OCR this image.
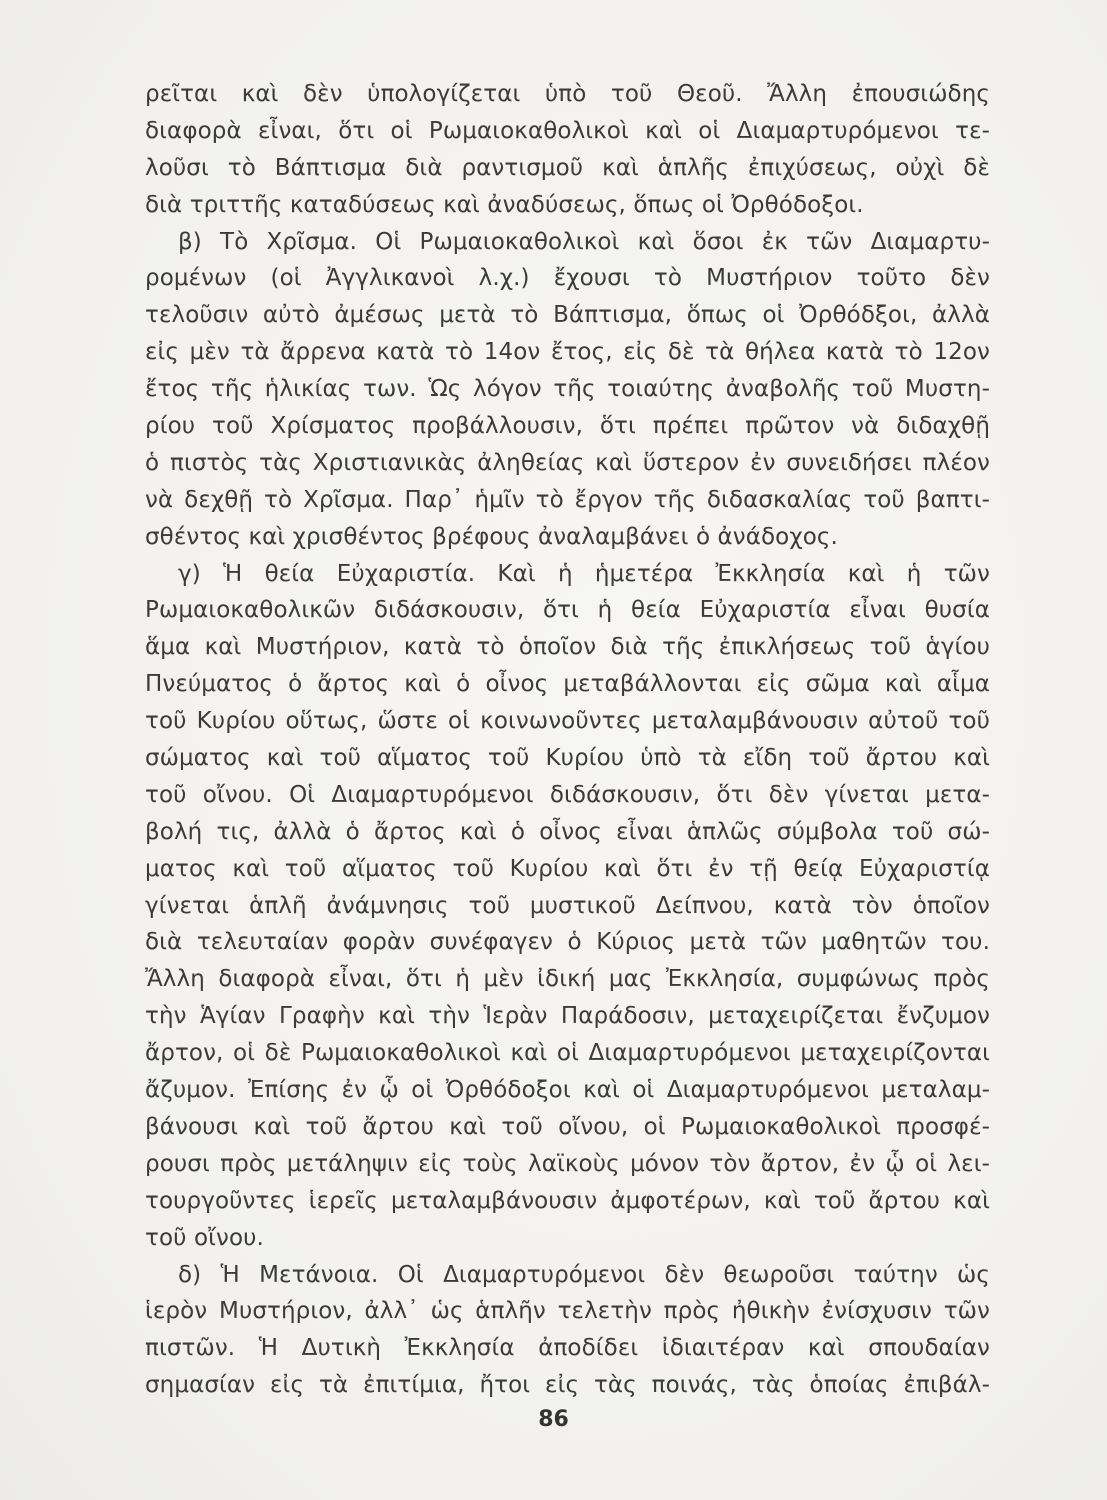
ρεῖται καὶ δὲν ὑπολογίζεται ὑπὸ τοῦ Θεοῦ. Ἄλλη ἐπουσιώδης
διαφορὰ εἶναι, ὅτι οἱ Ρωμαιοκαθολικοὶ καὶ οἱ Διαμαρτυρόμενοι τε-
λοῦσι τὸ Βάπτισμα διὰ ραντισμοῦ καὶ ἁπλῆς ἐπιχύσεως, οὐχὶ δὲ
διὰ τριττῆς καταδύσεως καὶ ἀναδύσεως, ὅπως οἱ Ὀρθόδοξοι.
β) Τὸ Χρῖσμα. Οἱ Ρωμαιοκαθολικοὶ καὶ ὅσοι ἐκ τῶν Διαμαρτυ-
ρομένων (οἱ Ἀγγλικανοὶ λ.χ.) ἔχουσι τὸ Μυστήριον τοῦτο δὲν
τελοῦσιν αὐτὸ ἀμέσως μετὰ τὸ Βάπτισμα, ὅπως οἱ Ὀρθόδξοι, ἀλλὰ
εἰς μὲν τὰ ἄρρενα κατὰ τὸ 14ον ἔτος, εἰς δὲ τὰ θήλεα κατὰ τὸ 12ον
ἔτος τῆς ἡλικίας των. Ὡς λόγον τῆς τοιαύτης ἀναβολῆς τοῦ Μυστη-
ρίου τοῦ Χρίσματος προβάλλουσιν, ὅτι πρέπει πρῶτον νὰ διδαχθῇ
ὁ πιστὸς τὰς Χριστιανικὰς ἀληθείας καὶ ὕστερον ἐν συνειδήσει πλέον
νὰ δεχθῇ τὸ Χρῖσμα. Παρ᾽ ἡμῖν τὸ ἔργον τῆς διδασκαλίας τοῦ βαπτι-
σθέντος καὶ χρισθέντος βρέφους ἀναλαμβάνει ὁ ἀνάδοχος.
γ) Ἡ θεία Εὐχαριστία. Καὶ ἡ ἡμετέρα Ἐκκλησία καὶ ἡ τῶν
Ρωμαιοκαθολικῶν διδάσκουσιν, ὅτι ἡ θεία Εὐχαριστία εἶναι θυσία
ἅμα καὶ Μυστήριον, κατὰ τὸ ὁποῖον διὰ τῆς ἐπικλήσεως τοῦ ἁγίου
Πνεύματος ὁ ἄρτος καὶ ὁ οἶνος μεταβάλλονται εἰς σῶμα καὶ αἷμα
τοῦ Κυρίου οὕτως, ὥστε οἱ κοινωνοῦντες μεταλαμβάνουσιν αὐτοῦ τοῦ
σώματος καὶ τοῦ αἵματος τοῦ Κυρίου ὑπὸ τὰ εἴδη τοῦ ἄρτου καὶ
τοῦ οἴνου. Οἱ Διαμαρτυρόμενοι διδάσκουσιν, ὅτι δὲν γίνεται μετα-
βολή τις, ἀλλὰ ὁ ἄρτος καὶ ὁ οἶνος εἶναι ἁπλῶς σύμβολα τοῦ σώ-
ματος καὶ τοῦ αἵματος τοῦ Κυρίου καὶ ὅτι ἐν τῇ θείᾳ Εὐχαριστίᾳ
γίνεται ἁπλῆ ἀνάμνησις τοῦ μυστικοῦ Δείπνου, κατὰ τὸν ὁποῖον
διὰ τελευταίαν φορὰν συνέφαγεν ὁ Κύριος μετὰ τῶν μαθητῶν του.
Ἄλλη διαφορὰ εἶναι, ὅτι ἡ μὲν ἰδική μας Ἐκκλησία, συμφώνως πρὸς
τὴν Ἁγίαν Γραφὴν καὶ τὴν Ἱερὰν Παράδοσιν, μεταχειρίζεται ἔνζυμον
ἄρτον, οἱ δὲ Ρωμαιοκαθολικοὶ καὶ οἱ Διαμαρτυρόμενοι μεταχειρίζονται
ἄζυμον. Ἐπίσης ἐν ᾧ οἱ Ὀρθόδοξοι καὶ οἱ Διαμαρτυρόμενοι μεταλαμ-
βάνουσι καὶ τοῦ ἄρτου καὶ τοῦ οἴνου, οἱ Ρωμαιοκαθολικοὶ προσφέ-
ρουσι πρὸς μετάληψιν εἰς τοὺς λαϊκοὺς μόνον τὸν ἄρτον, ἐν ᾧ οἱ λει-
τουργοῦντες ἱερεῖς μεταλαμβάνουσιν ἀμφοτέρων, καὶ τοῦ ἄρτου καὶ
τοῦ οἴνου.
δ) Ἡ Μετάνοια. Οἱ Διαμαρτυρόμενοι δὲν θεωροῦσι ταύτην ὡς
ἱερὸν Μυστήριον, ἀλλ᾽ ὡς ἁπλῆν τελετὴν πρὸς ἠθικὴν ἐνίσχυσιν τῶν
πιστῶν. Ἡ Δυτικὴ Ἐκκλησία ἀποδίδει ἰδιαιτέραν καὶ σπουδαίαν
σημασίαν εἰς τὰ ἐπιτίμια, ἤτοι εἰς τὰς ποινάς, τὰς ὁποίας ἐπιβάλ-
86
